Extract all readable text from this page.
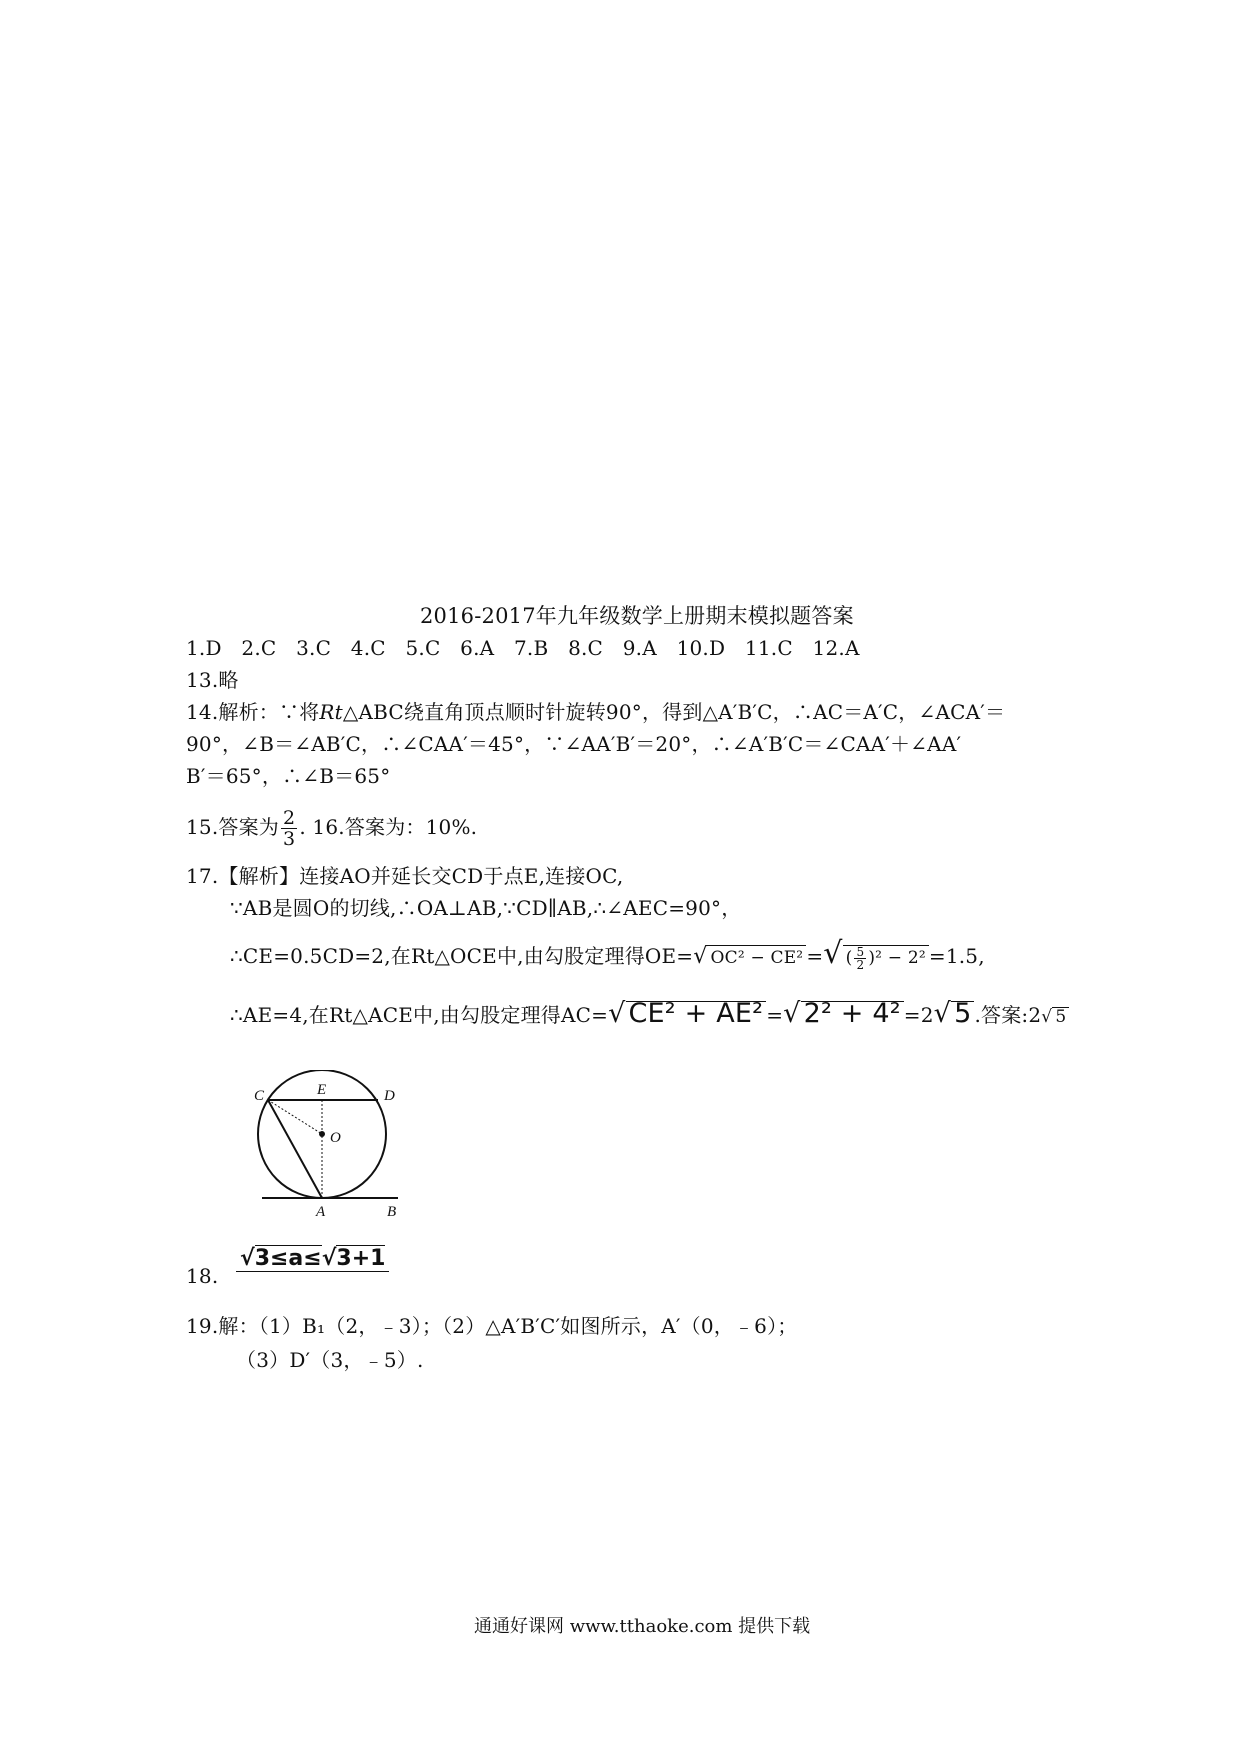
2016-2017年九年级数学上册期末模拟题答案
1.D 2.C 3.C 4.C 5.C 6.A 7.B 8.C 9.A 10.D 11.C 12.A
13.略
14.解析：∵将Rt△ABC绕直角顶点顺时针旋转90°，得到△A′B′C，∴AC＝A′C，∠ACA′＝
90°，∠B＝∠AB′C，∴∠CAA′＝45°，∵∠AA′B′＝20°，∴∠A′B′C＝∠CAA′＋∠AA′
B′＝65°，∴∠B＝65°
15.答案为 $\frac{2}{3}$ . 16.答案为：10%.
17.【解析】连接AO并延长交CD于点E,连接OC,
∵AB是圆O的切线,∴OA⊥AB,∵CD∥AB,∴∠AEC=90°，
∴CE=0.5CD=2,在Rt△OCE中,由勾股定理得OE=√ OC² − CE² =√ ( $\frac{5}{2} )^2 - 2^2 =1.5$,
∴AE=4,在Rt△ACE中,由勾股定理得AC=√ CE² + AE² =√ 2² + 4² =2√ 5 .答案:2√ 5
C	E	D
O
A	B
18.
√3≤a≤√3+1
19.解：（1）B₁（2，﹣3）；（2）△A′B′C′如图所示，A′（0，﹣6）；
（3）D′（3，﹣5）.
通通好课网 www.tthaoke.com 提供下载
